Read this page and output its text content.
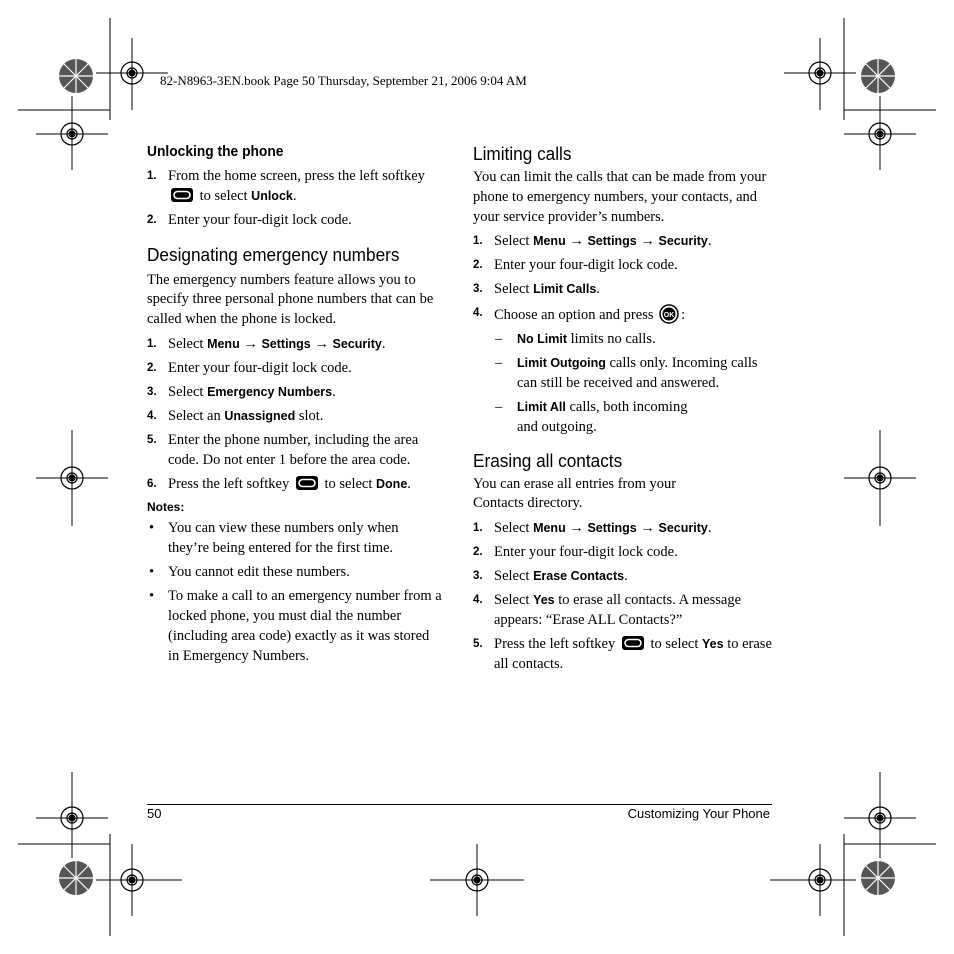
82-N8963-3EN.book Page 50 Thursday, September 21, 2006 9:04 AM
Unlocking the phone
1. From the home screen, press the left softkey
to select Unlock.
2. Enter your four-digit lock code.
Designating emergency numbers
The emergency numbers feature allows you to specify three personal phone numbers that can be called when the phone is locked.
1. Select Menu → Settings → Security.
2. Enter your four-digit lock code.
3. Select Emergency Numbers.
4. Select an Unassigned slot.
5. Enter the phone number, including the area code. Do not enter 1 before the area code.
6. Press the left softkey  to select Done.
Notes:
• You can view these numbers only when they’re being entered for the first time.
• You cannot edit these numbers.
• To make a call to an emergency number from a locked phone, you must dial the number (including area code) exactly as it was stored in Emergency Numbers.
Limiting calls
You can limit the calls that can be made from your phone to emergency numbers, your contacts, and your service provider’s numbers.
1. Select Menu → Settings → Security.
2. Enter your four-digit lock code.
3. Select Limit Calls.
4. Choose an option and press OK :
– No Limit limits no calls.
– Limit Outgoing calls only. Incoming calls can still be received and answered.
– Limit All calls, both incoming and outgoing.
Erasing all contacts
You can erase all entries from your Contacts directory.
1. Select Menu → Settings → Security.
2. Enter your four-digit lock code.
3. Select Erase Contacts.
4. Select Yes to erase all contacts. A message appears: “Erase ALL Contacts?”
5. Press the left softkey  to select Yes to erase all contacts.
50	Customizing Your Phone
